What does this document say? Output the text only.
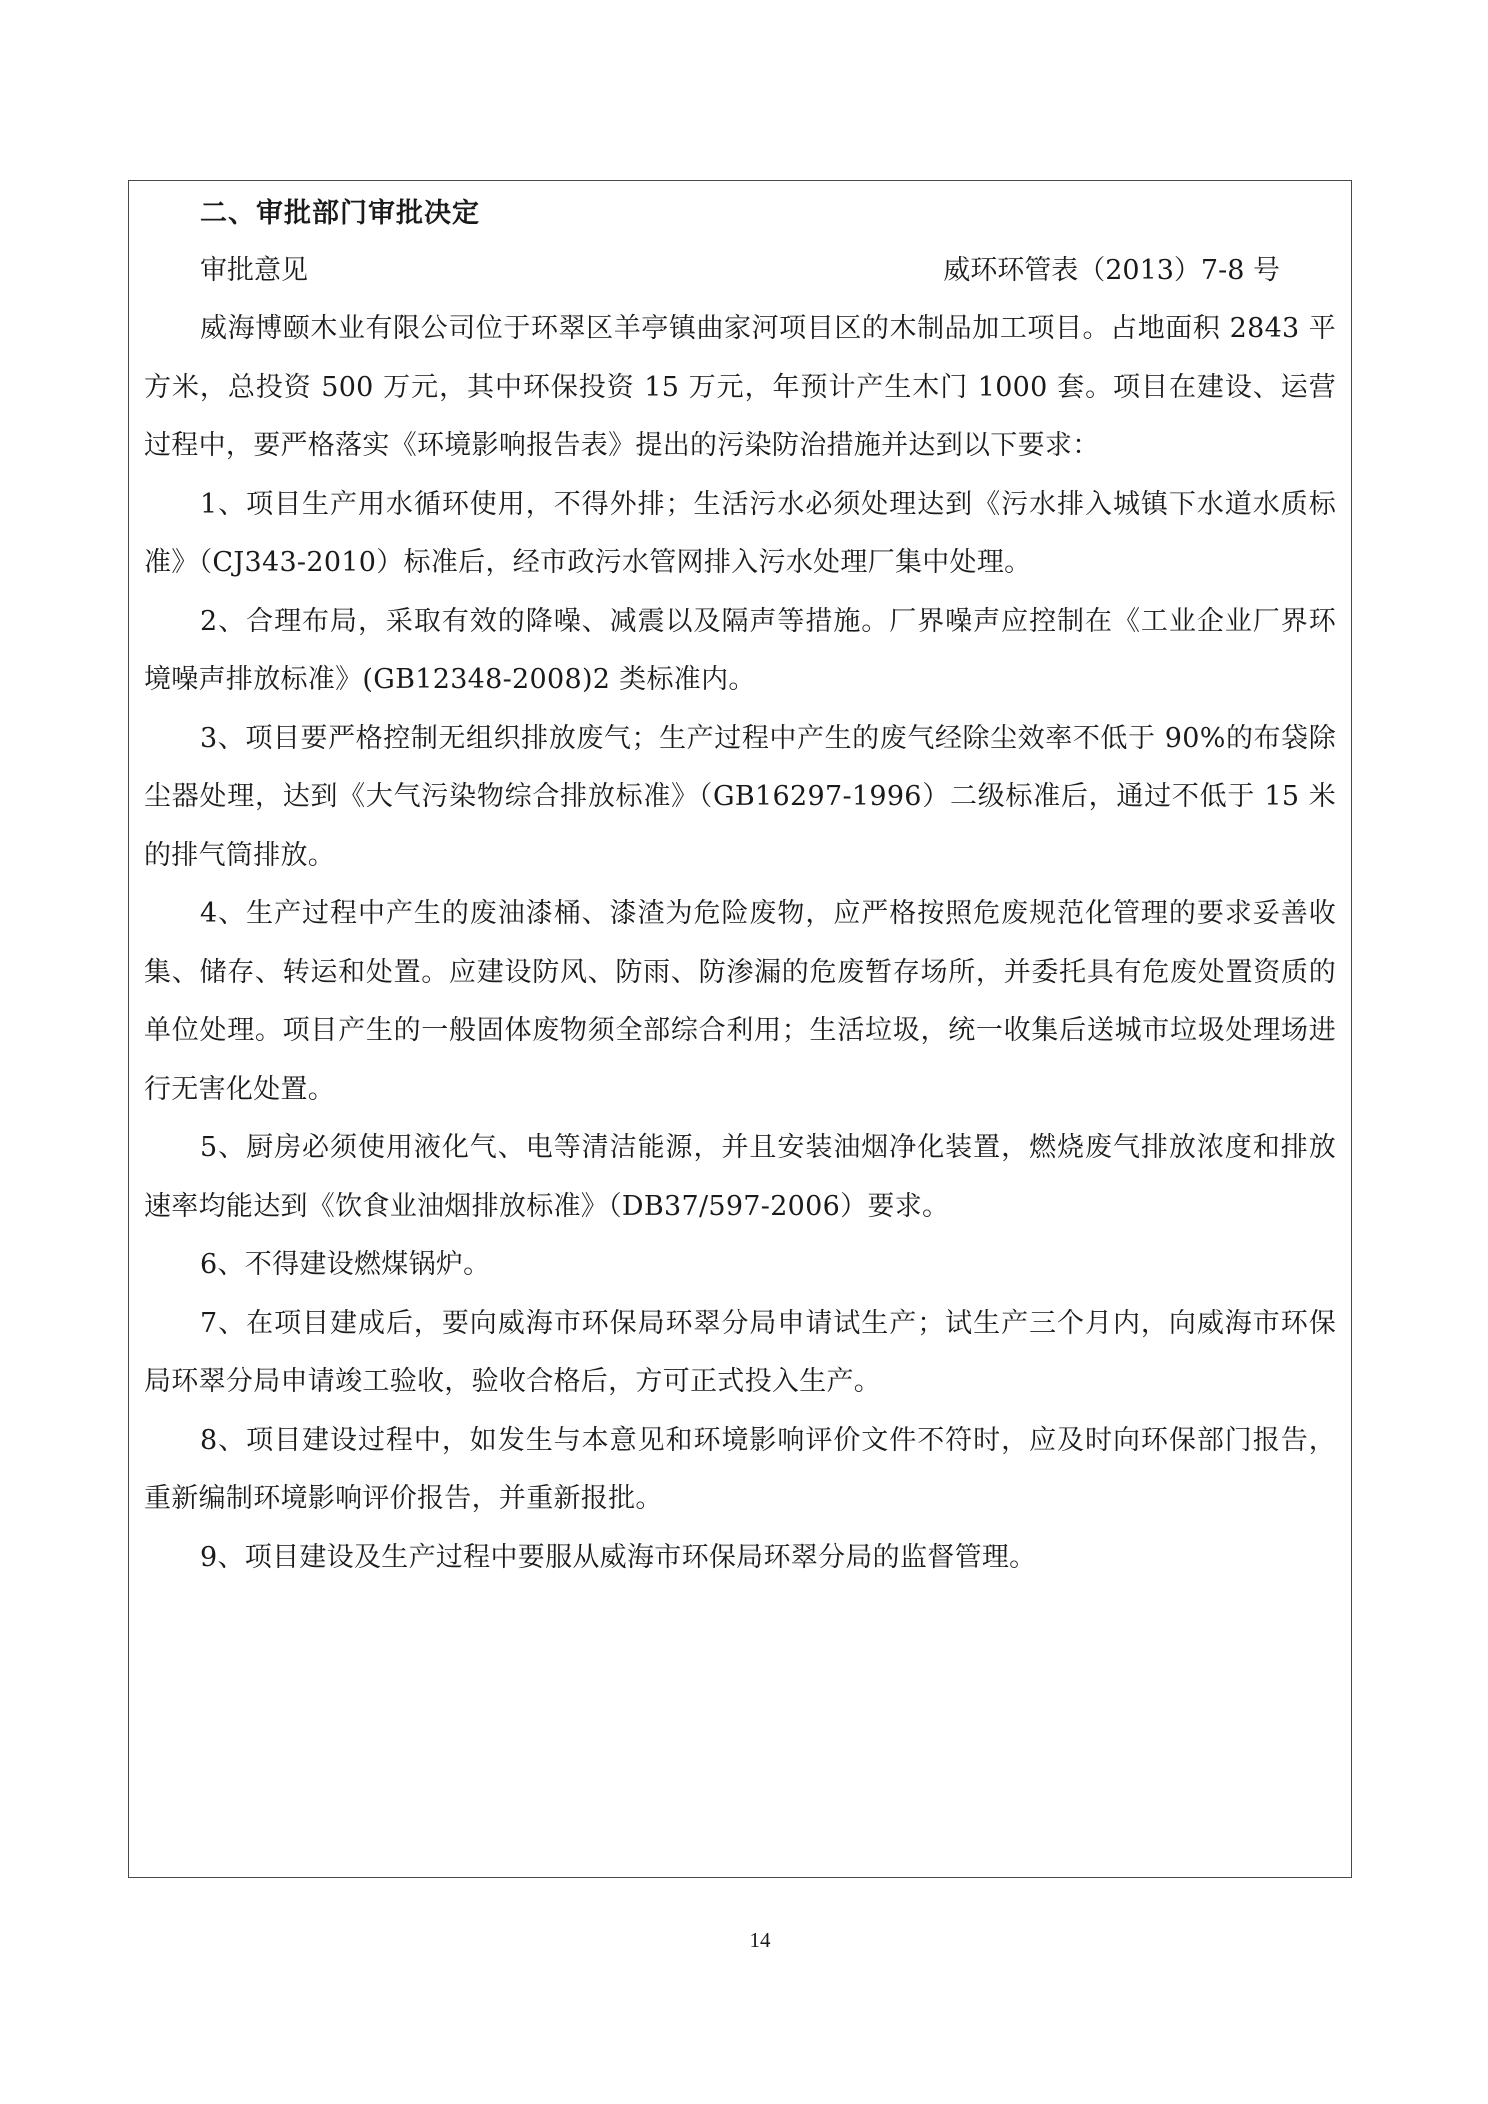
二、审批部门审批决定
审批意见	威环环管表（2013）7-8 号

威海博颐木业有限公司位于环翠区羊亭镇曲家河项目区的木制品加工项目。占地面积 2843 平方米，总投资 500 万元，其中环保投资 15 万元，年预计产生木门 1000 套。项目在建设、运营过程中，要严格落实《环境影响报告表》提出的污染防治措施并达到以下要求：

1、项目生产用水循环使用，不得外排；生活污水必须处理达到《污水排入城镇下水道水质标准》（CJ343-2010）标准后，经市政污水管网排入污水处理厂集中处理。

2、合理布局，采取有效的降噪、减震以及隔声等措施。厂界噪声应控制在《工业企业厂界环境噪声排放标准》(GB12348-2008)2 类标准内。

3、项目要严格控制无组织排放废气；生产过程中产生的废气经除尘效率不低于 90%的布袋除尘器处理，达到《大气污染物综合排放标准》（GB16297-1996）二级标准后，通过不低于 15 米的排气筒排放。

4、生产过程中产生的废油漆桶、漆渣为危险废物，应严格按照危废规范化管理的要求妥善收集、储存、转运和处置。应建设防风、防雨、防渗漏的危废暂存场所，并委托具有危废处置资质的单位处理。项目产生的一般固体废物须全部综合利用；生活垃圾，统一收集后送城市垃圾处理场进行无害化处置。

5、厨房必须使用液化气、电等清洁能源，并且安装油烟净化装置，燃烧废气排放浓度和排放速率均能达到《饮食业油烟排放标准》（DB37/597-2006）要求。

6、不得建设燃煤锅炉。

7、在项目建成后，要向威海市环保局环翠分局申请试生产；试生产三个月内，向威海市环保局环翠分局申请竣工验收，验收合格后，方可正式投入生产。

8、项目建设过程中，如发生与本意见和环境影响评价文件不符时，应及时向环保部门报告，重新编制环境影响评价报告，并重新报批。

9、项目建设及生产过程中要服从威海市环保局环翠分局的监督管理。

14
